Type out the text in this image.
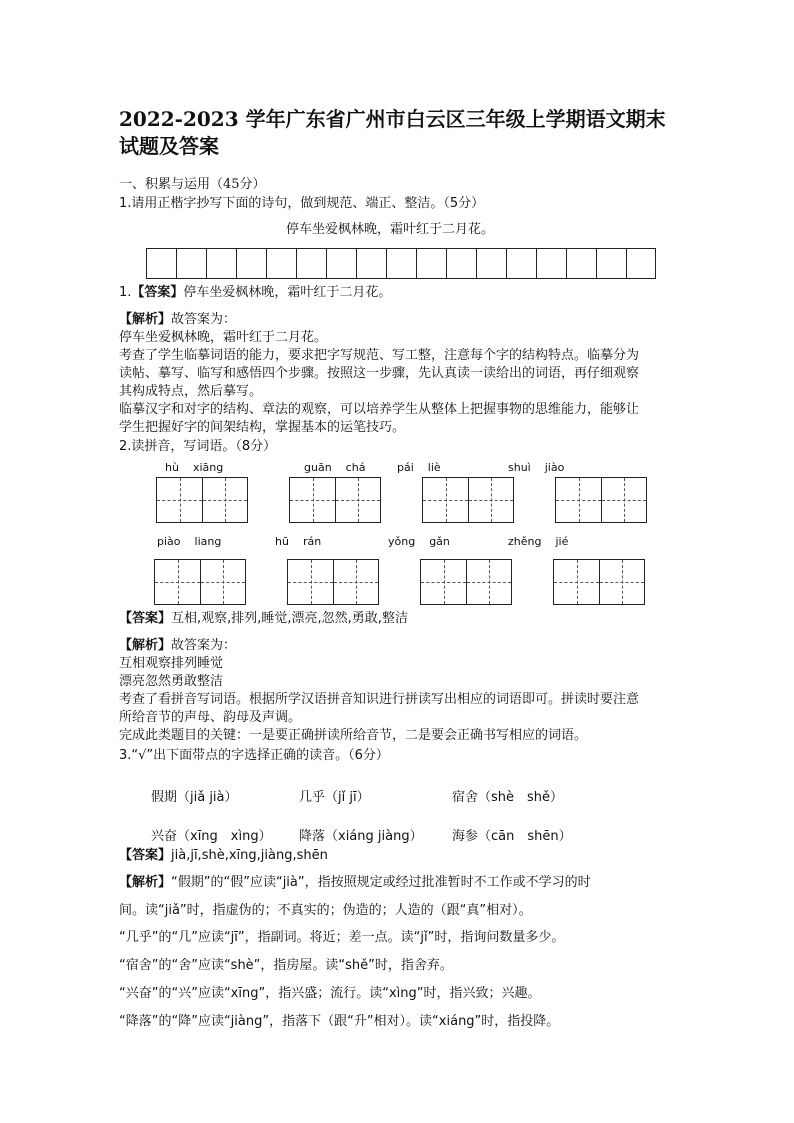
2022-2023 学年广东省广州市白云区三年级上学期语文期末
试题及答案
一、积累与运用（45分）
1.请用正楷字抄写下面的诗句，做到规范、端正、整洁。（5分）
停车坐爱枫林晚，霜叶红于二月花。
1.【答案】停车坐爱枫林晚，霜叶红于二月花。
【解析】故答案为：
停车坐爱枫林晚，霜叶红于二月花。
考查了学生临摹词语的能力，要求把字写规范、写工整，注意每个字的结构特点。临摹分为
读帖、摹写、临写和感悟四个步骤。按照这一步骤，先认真读一读给出的词语，再仔细观察
其构成特点，然后摹写。
临摹汉字和对字的结构、章法的观察，可以培养学生从整体上把握事物的思维能力，能够让
学生把握好字的间架结构，掌握基本的运笔技巧。
2.读拼音，写词语。（8分）
hù xiāng	guān chá	pái liè	shuì jiào
piào liang	hū rán	yǒng gǎn	zhěng jié
【答案】互相,观察,排列,睡觉,漂亮,忽然,勇敢,整洁
【解析】故答案为：
互相观察排列睡觉
漂亮忽然勇敢整洁
考查了看拼音写词语。根据所学汉语拼音知识进行拼读写出相应的词语即可。拼读时要注意
所给音节的声母、韵母及声调。
完成此类题目的关键：一是要正确拼读所给音节，二是要会正确书写相应的词语。
3.“√”出下面带点的字选择正确的读音。（6分）
假期（jiǎ jià）	几乎（jǐ jī）	宿舍（shè　shě）
兴奋（xīng　xìng） 降落（xiáng jiàng） 海参（cān　shēn）
【答案】jià,jī,shè,xīng,jiàng,shēn
【解析】“假期”的“假”应读“jià”，指按照规定或经过批准暂时不工作或不学习的时
间。读“jiǎ”时，指虚伪的；不真实的；伪造的；人造的（跟“真”相对）。
“几乎”的“几”应读“jī”，指副词。将近；差一点。读“jǐ”时，指询问数量多少。
“宿舍”的“舍”应读“shè”，指房屋。读“shě”时，指舍弃。
“兴奋”的“兴”应读“xīng”，指兴盛；流行。读“xìng”时，指兴致；兴趣。
“降落”的“降”应读“jiàng”，指落下（跟“升”相对）。读“xiáng”时，指投降。
